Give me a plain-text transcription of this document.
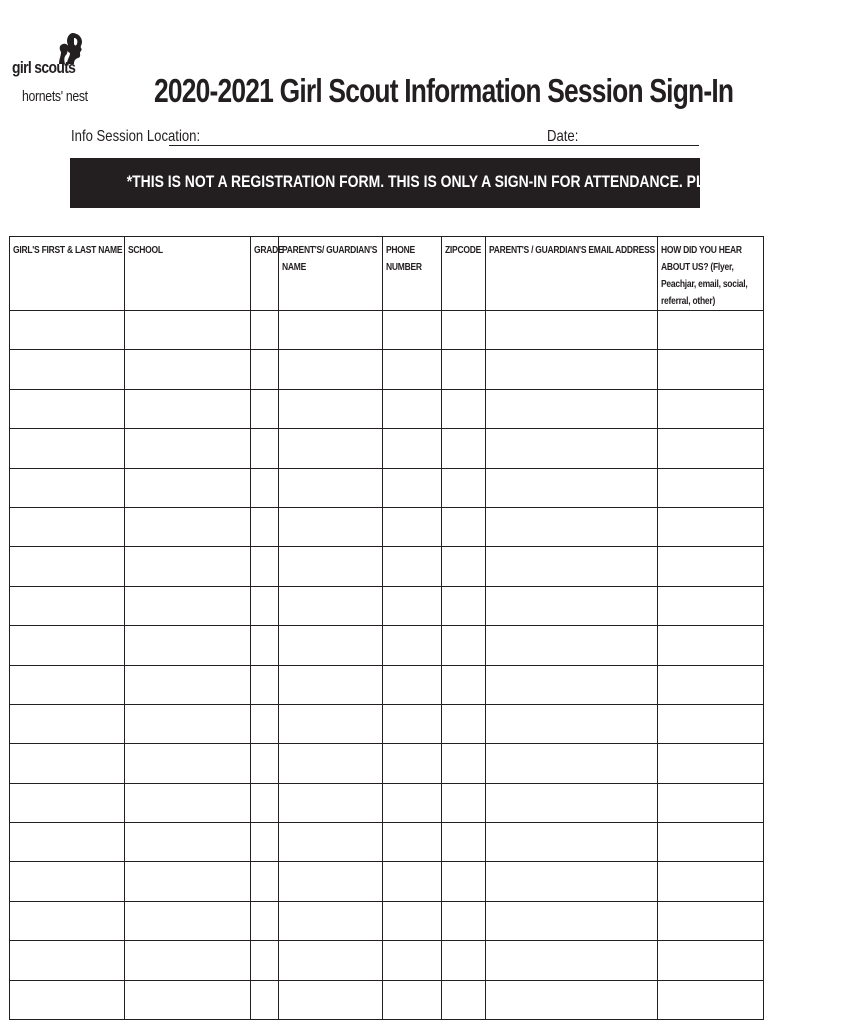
girl scouts
hornets' nest 2020-2021 Girl Scout Information Session Sign-In
Info Session Location:	Date:
*THIS IS NOT A REGISTRATION FORM. THIS IS ONLY A SIGN-IN FOR ATTENDANCE. PLEASE PRINT CLEARLY.
GIRL'S FIRST & LAST NAME	SCHOOL	GRADE	PARENT'S/ GUARDIAN'S NAME	PHONE NUMBER	ZIPCODE	PARENT'S / GUARDIAN'S EMAIL ADDRESS	HOW DID YOU HEAR ABOUT US? (Flyer, Peachjar, email, social, referral, other)
